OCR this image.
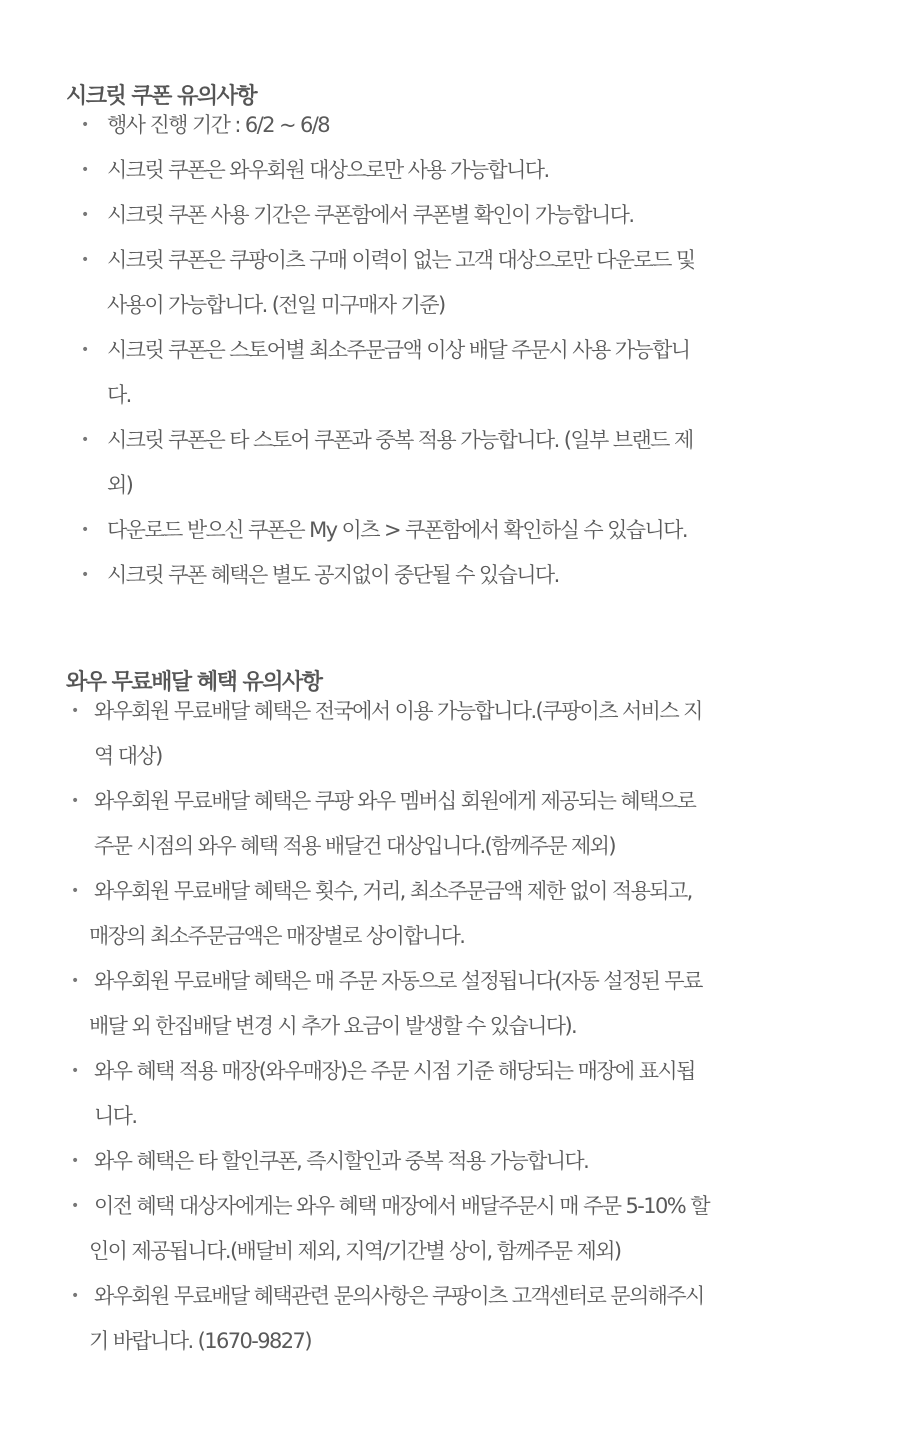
시크릿 쿠폰 유의사항
• 행사 진행 기간 : 6/2 ~ 6/8
• 시크릿 쿠폰은 와우회원 대상으로만 사용 가능합니다.
• 시크릿 쿠폰 사용 기간은 쿠폰함에서 쿠폰별 확인이 가능합니다.
• 시크릿 쿠폰은 쿠팡이츠 구매 이력이 없는 고객 대상으로만 다운로드 및
사용이 가능합니다. (전일 미구매자 기준)
• 시크릿 쿠폰은 스토어별 최소주문금액 이상 배달 주문시 사용 가능합니
다.
• 시크릿 쿠폰은 타 스토어 쿠폰과 중복 적용 가능합니다. (일부 브랜드 제
외)
• 다운로드 받으신 쿠폰은 My 이츠 > 쿠폰함에서 확인하실 수 있습니다.
• 시크릿 쿠폰 혜택은 별도 공지없이 중단될 수 있습니다.
와우 무료배달 혜택 유의사항
• 와우회원 무료배달 혜택은 전국에서 이용 가능합니다.(쿠팡이츠 서비스 지
역 대상)
• 와우회원 무료배달 혜택은 쿠팡 와우 멤버십 회원에게 제공되는 혜택으로
주문 시점의 와우 혜택 적용 배달건 대상입니다.(함께주문 제외)
• 와우회원 무료배달 혜택은 횟수, 거리, 최소주문금액 제한 없이 적용되고,
매장의 최소주문금액은 매장별로 상이합니다.
• 와우회원 무료배달 혜택은 매 주문 자동으로 설정됩니다(자동 설정된 무료
배달 외 한집배달 변경 시 추가 요금이 발생할 수 있습니다).
• 와우 혜택 적용 매장(와우매장)은 주문 시점 기준 해당되는 매장에 표시됩
니다.
• 와우 혜택은 타 할인쿠폰, 즉시할인과 중복 적용 가능합니다.
• 이전 혜택 대상자에게는 와우 혜택 매장에서 배달주문시 매 주문 5-10% 할
인이 제공됩니다.(배달비 제외, 지역/기간별 상이, 함께주문 제외)
• 와우회원 무료배달 혜택관련 문의사항은 쿠팡이츠 고객센터로 문의해주시
기 바랍니다. (1670-9827)
